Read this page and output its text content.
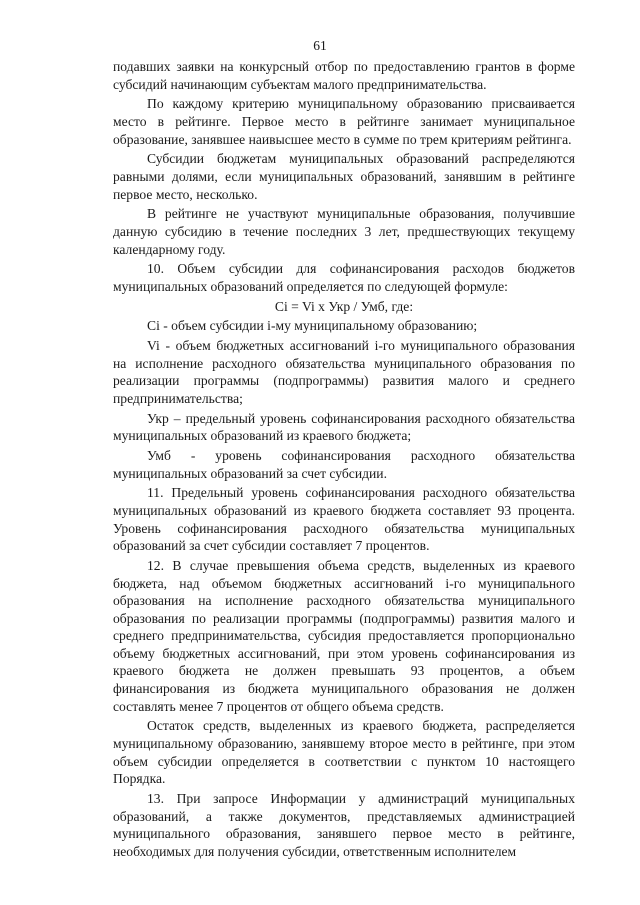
61

подавших заявки на конкурсный отбор по предоставлению грантов в форме субсидий начинающим субъектам малого предпринимательства.

По каждому критерию муниципальному образованию присваивается место в рейтинге. Первое место в рейтинге занимает муниципальное образование, занявшее наивысшее место в сумме по трем критериям рейтинга.

Субсидии бюджетам муниципальных образований распределяются равными долями, если муниципальных образований, занявшим в рейтинге первое место, несколько.

В рейтинге не участвуют муниципальные образования, получившие данную субсидию в течение последних 3 лет, предшествующих текущему календарному году.

10. Объем субсидии для софинансирования расходов бюджетов муниципальных образований определяется по следующей формуле:

Ci = Vi x Укр / Умб, где:

Ci - объем субсидии i-му муниципальному образованию;

Vi - объем бюджетных ассигнований i-го муниципального образования на исполнение расходного обязательства муниципального образования по реализации программы (подпрограммы) развития малого и среднего предпринимательства;

Укр – предельный уровень софинансирования расходного обязательства муниципальных образований из краевого бюджета;

Умб - уровень софинансирования расходного обязательства муниципальных образований за счет субсидии.

11. Предельный уровень софинансирования расходного обязательства муниципальных образований из краевого бюджета составляет 93 процента. Уровень софинансирования расходного обязательства муниципальных образований за счет субсидии составляет 7 процентов.

12. В случае превышения объема средств, выделенных из краевого бюджета, над объемом бюджетных ассигнований i-го муниципального образования на исполнение расходного обязательства муниципального образования по реализации программы (подпрограммы) развития малого и среднего предпринимательства, субсидия предоставляется пропорционально объему бюджетных ассигнований, при этом уровень софинансирования из краевого бюджета не должен превышать 93 процентов, а объем финансирования из бюджета муниципального образования не должен составлять менее 7 процентов от общего объема средств.

Остаток средств, выделенных из краевого бюджета, распределяется муниципальному образованию, занявшему второе место в рейтинге, при этом объем субсидии определяется в соответствии с пунктом 10 настоящего Порядка.

13. При запросе Информации у администраций муниципальных образований, а также документов, представляемых администрацией муниципального образования, занявшего первое место в рейтинге, необходимых для получения субсидии, ответственным исполнителем
